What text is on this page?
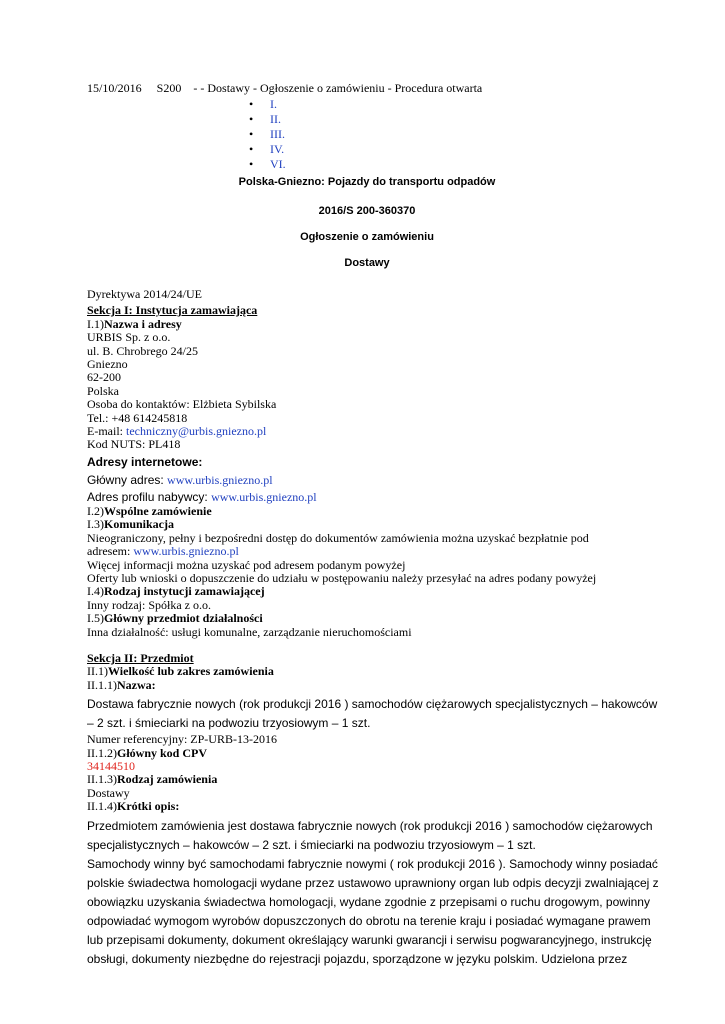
15/10/2016 S200 - - Dostawy - Ogłoszenie o zamówieniu - Procedura otwarta
• I.
• II.
• III.
• IV.
• VI.
Polska-Gniezno: Pojazdy do transportu odpadów
2016/S 200-360370
Ogłoszenie o zamówieniu
Dostawy
Dyrektywa 2014/24/UE
Sekcja I: Instytucja zamawiająca
I.1)Nazwa i adresy
URBIS Sp. z o.o.
ul. B. Chrobrego 24/25
Gniezno
62-200
Polska
Osoba do kontaktów: Elżbieta Sybilska
Tel.: +48 614245818
E-mail: techniczny@urbis.gniezno.pl
Kod NUTS: PL418
Adresy internetowe:
Główny adres: www.urbis.gniezno.pl
Adres profilu nabywcy: www.urbis.gniezno.pl
I.2)Wspólne zamówienie
I.3)Komunikacja
Nieograniczony, pełny i bezpośredni dostęp do dokumentów zamówienia można uzyskać bezpłatnie pod
adresem: www.urbis.gniezno.pl
Więcej informacji można uzyskać pod adresem podanym powyżej
Oferty lub wnioski o dopuszczenie do udziału w postępowaniu należy przesyłać na adres podany powyżej
I.4)Rodzaj instytucji zamawiającej
Inny rodzaj: Spółka z o.o.
I.5)Główny przedmiot działalności
Inna działalność: usługi komunalne, zarządzanie nieruchomościami
Sekcja II: Przedmiot
II.1)Wielkość lub zakres zamówienia
II.1.1)Nazwa:
Dostawa fabrycznie nowych (rok produkcji 2016 ) samochodów ciężarowych specjalistycznych – hakowców
– 2 szt. i śmieciarki na podwoziu trzyosiowym – 1 szt.
Numer referencyjny: ZP-URB-13-2016
II.1.2)Główny kod CPV
34144510
II.1.3)Rodzaj zamówienia
Dostawy
II.1.4)Krótki opis:
Przedmiotem zamówienia jest dostawa fabrycznie nowych (rok produkcji 2016 ) samochodów ciężarowych
specjalistycznych – hakowców – 2 szt. i śmieciarki na podwoziu trzyosiowym – 1 szt.
Samochody winny być samochodami fabrycznie nowymi ( rok produkcji 2016 ). Samochody winny posiadać
polskie świadectwa homologacji wydane przez ustawowo uprawniony organ lub odpis decyzji zwalniającej z
obowiązku uzyskania świadectwa homologacji, wydane zgodnie z przepisami o ruchu drogowym, powinny
odpowiadać wymogom wyrobów dopuszczonych do obrotu na terenie kraju i posiadać wymagane prawem
lub przepisami dokumenty, dokument określający warunki gwarancji i serwisu pogwarancyjnego, instrukcję
obsługi, dokumenty niezbędne do rejestracji pojazdu, sporządzone w języku polskim. Udzielona przez
